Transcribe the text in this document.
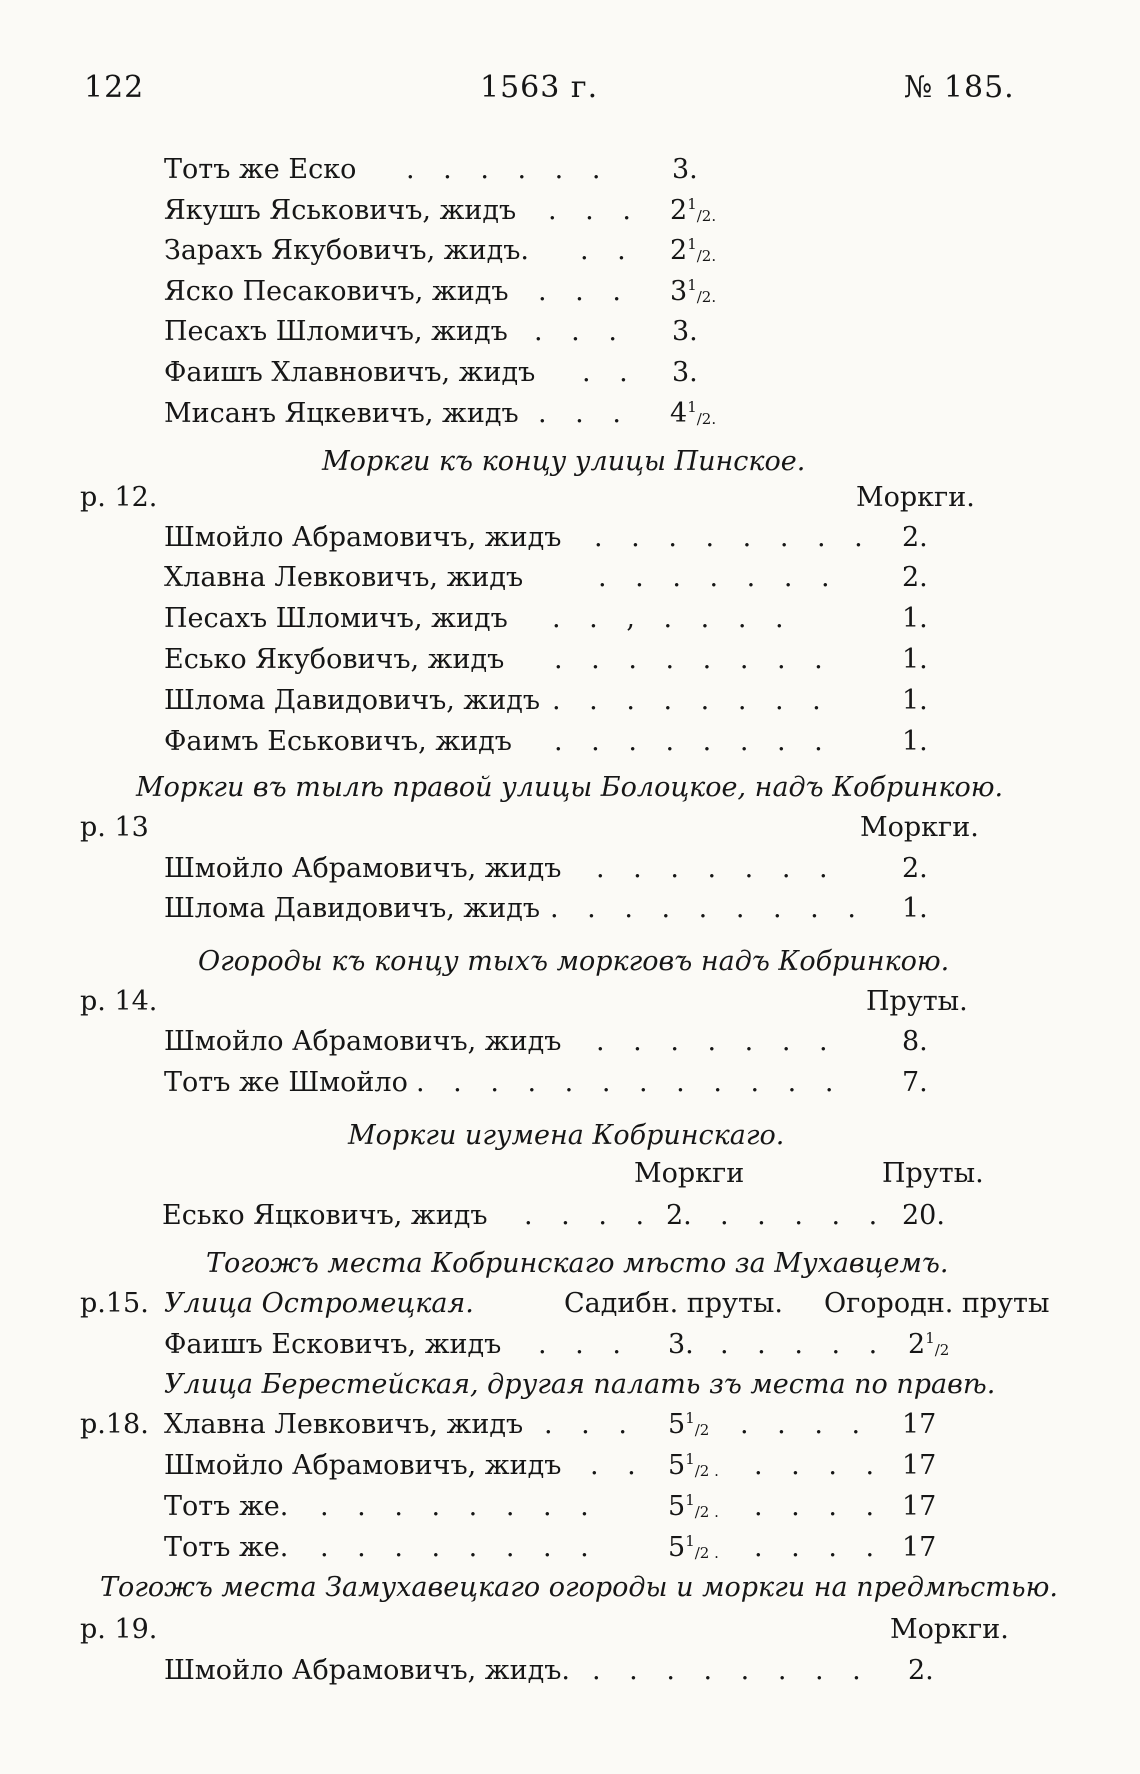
122	1563 г.	№ 185.
Тотъ же Еско . . . . . . 3.
Якушъ Яськовичъ, жидъ . . . $2^1/2$.
Зарахъ Якубовичъ, жидъ. . . $2^1/2$.
Яско Песаковичъ, жидъ . . . $3^1/2$.
Песахъ Шломичъ, жидъ . . . 3.
Фаишъ Хлавновичъ, жидъ . . 3.
Мисанъ Яцкевичъ, жидъ . . . $4^1/2$.
Моркги къ концу улицы Пинское.
р. 12.	Моркги.
Шмойло Абрамовичъ, жидъ . . . . . . . . 2.
Хлавна Левковичъ, жидъ	. . . . . . . 2.
Песахъ Шломичъ, жидъ . . , . . . .	1.
Есько Якубовичъ, жидъ . . . . . . . .	1.
Шлома Давидовичъ, жидъ . . . . . . . .	1.
Фаимъ Еськовичъ, жидъ . . . . . . . .	1.
Моркги въ тылѣ правой улицы Болоцкое, надъ Кобринкою.
р. 13	Моркги.
Шмойло Абрамовичъ, жидъ . . . . . . . 2.
Шлома Давидовичъ, жидъ . . . . . . . . . 1.
Огороды къ концу тыхъ моркговъ надъ Кобринкою.
р. 14.	Пруты.
Шмойло Абрамовичъ, жидъ . . . . . . . 8.
Тотъ же Шмойло . . . . . . . . . . . . 7.
Моркги игумена Кобринскаго.
Моркги	Пруты.
Есько Яцковичъ, жидъ . . . . 2. . . . . . 20.
Тогожъ места Кобринскаго мѣсто за Мухавцемъ.
р.15. Улица Остромецкая.	Садибн. пруты. Огородн. пруты
Фаишъ Есковичъ, жидъ . . . 3. . . . . . $2^1/2$
Улица Берестейская, другая палать зъ места по правѣ.
р.18. Хлавна Левковичъ, жидъ . . . $5^1/2$ . . . . 17
Шмойло Абрамовичъ, жидъ . . $5^1/2$ . . . . . 17
Тотъ же. . . . . . . . .	$5^1/2$ . . . . . 17
Тотъ же. . . . . . . . .	$5^1/2$ . . . . . 17
Тогожъ места Замухавецкаго огороды и моркги на предмѣстью.
р. 19.	Моркги.
Шмойло Абрамовичъ, жидъ. . . . . . . . . 2.
